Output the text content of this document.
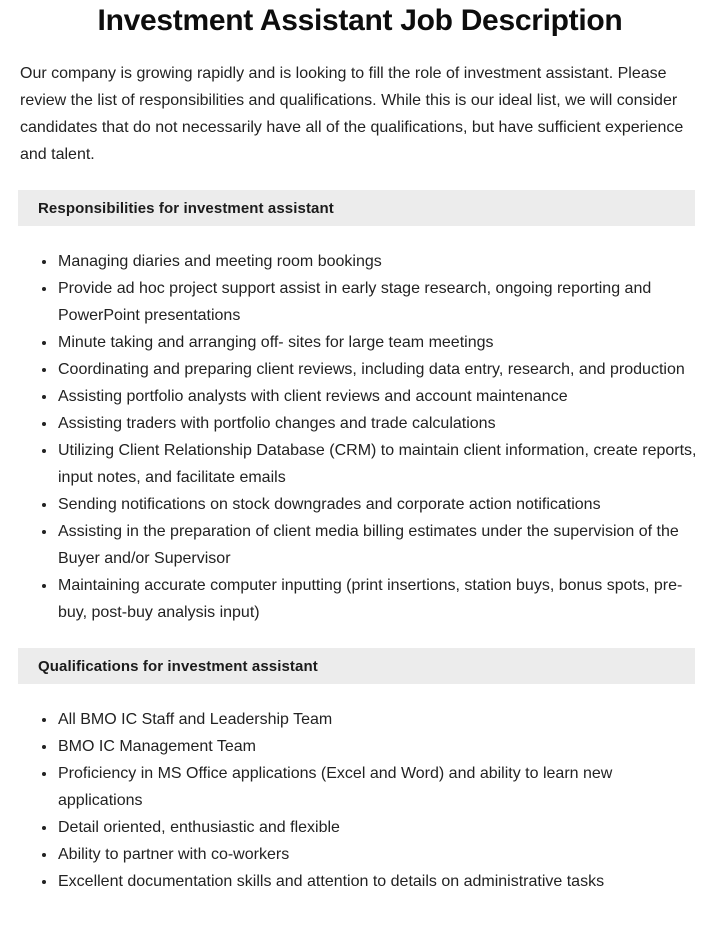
Investment Assistant Job Description

Our company is growing rapidly and is looking to fill the role of investment assistant. Please review the list of responsibilities and qualifications. While this is our ideal list, we will consider candidates that do not necessarily have all of the qualifications, but have sufficient experience and talent.

Responsibilities for investment assistant
Managing diaries and meeting room bookings
Provide ad hoc project support assist in early stage research, ongoing reporting and PowerPoint presentations
Minute taking and arranging off- sites for large team meetings
Coordinating and preparing client reviews, including data entry, research, and production
Assisting portfolio analysts with client reviews and account maintenance
Assisting traders with portfolio changes and trade calculations
Utilizing Client Relationship Database (CRM) to maintain client information, create reports, input notes, and facilitate emails
Sending notifications on stock downgrades and corporate action notifications
Assisting in the preparation of client media billing estimates under the supervision of the Buyer and/or Supervisor
Maintaining accurate computer inputting (print insertions, station buys, bonus spots, pre-buy, post-buy analysis input)
Qualifications for investment assistant
All BMO IC Staff and Leadership Team
BMO IC Management Team
Proficiency in MS Office applications (Excel and Word) and ability to learn new applications
Detail oriented, enthusiastic and flexible
Ability to partner with co-workers
Excellent documentation skills and attention to details on administrative tasks
